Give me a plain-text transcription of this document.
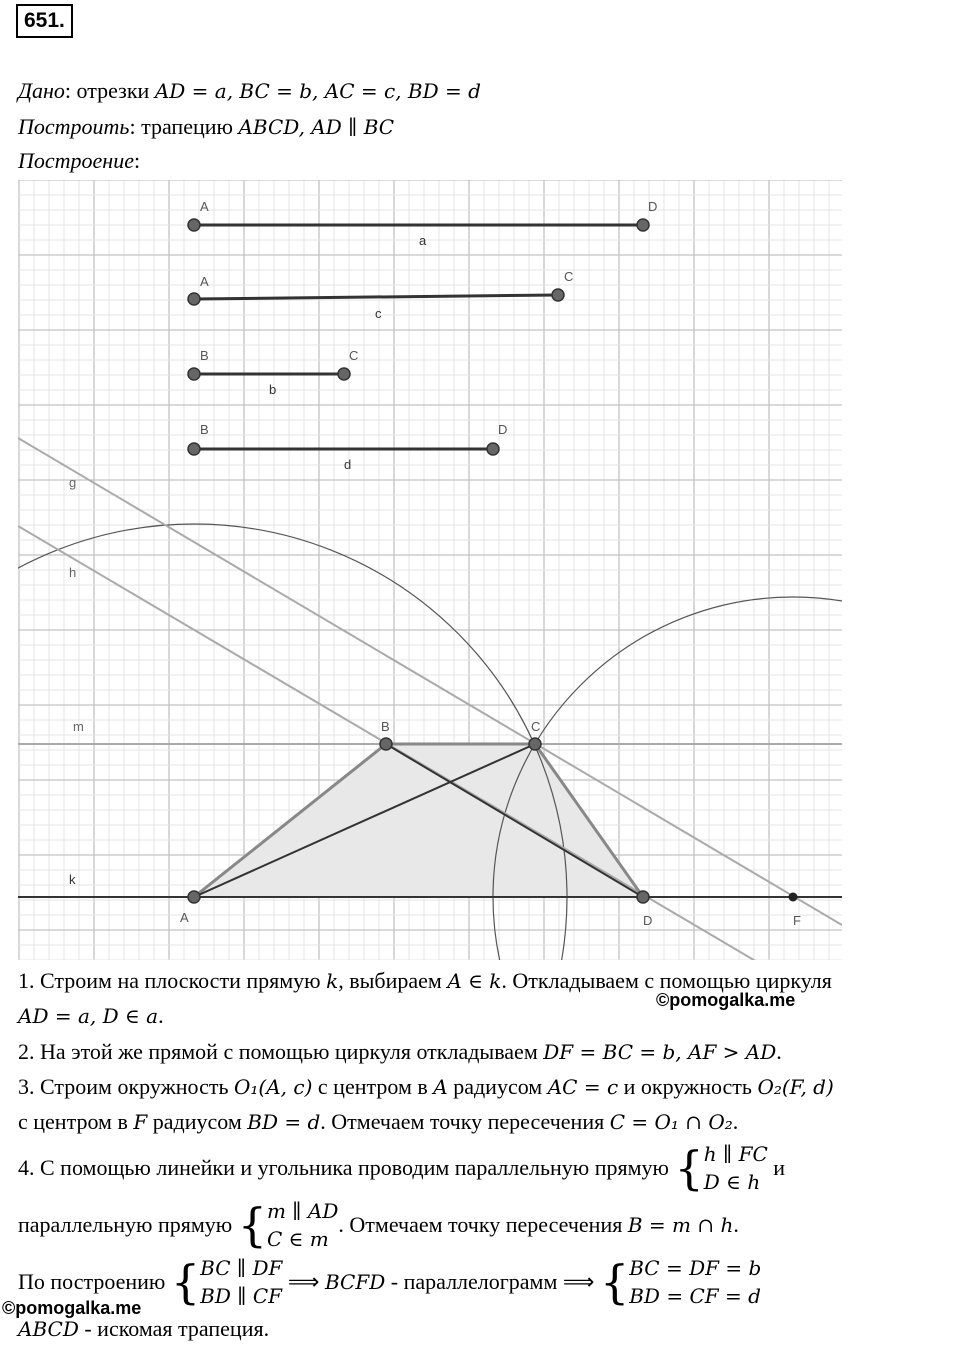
651.
Дано: отрезки AD = a, BC = b, AC = c, BD = d
Построить: трапецию ABCD, AD ∥ BC
Построение:
A	D
a
A	C
c
B	C
b
B	D
d
g
h
m
k
A
B	C
D	F
©pomogalka.me
1. Строим на плоскости прямую k, выбираем A ∈ k. Откладываем с помощью циркуля
AD = a, D ∈ a.
2. На этой же прямой с помощью циркуля откладываем DF = BC = b, AF > AD.
3. Строим окружность O₁(A, c) с центром в A радиусом AC = c и окружность O₂(F, d)
с центром в F радиусом BD = d. Отмечаем точку пересечения C = O₁ ∩ O₂.
4. С помощью линейки и угольника проводим параллельную прямую { h ∥ FC
D ∈ h
и
параллельную прямую { m ∥ AD
C ∈ m
. Отмечаем точку пересечения B = m ∩ h.
По построению { BC ∥ DF
BD ∥ CF
⟹ BCFD - параллелограмм ⟹ { BC = DF = b
BD = CF = d
©pomogalka.me
ABCD - искомая трапеция.
